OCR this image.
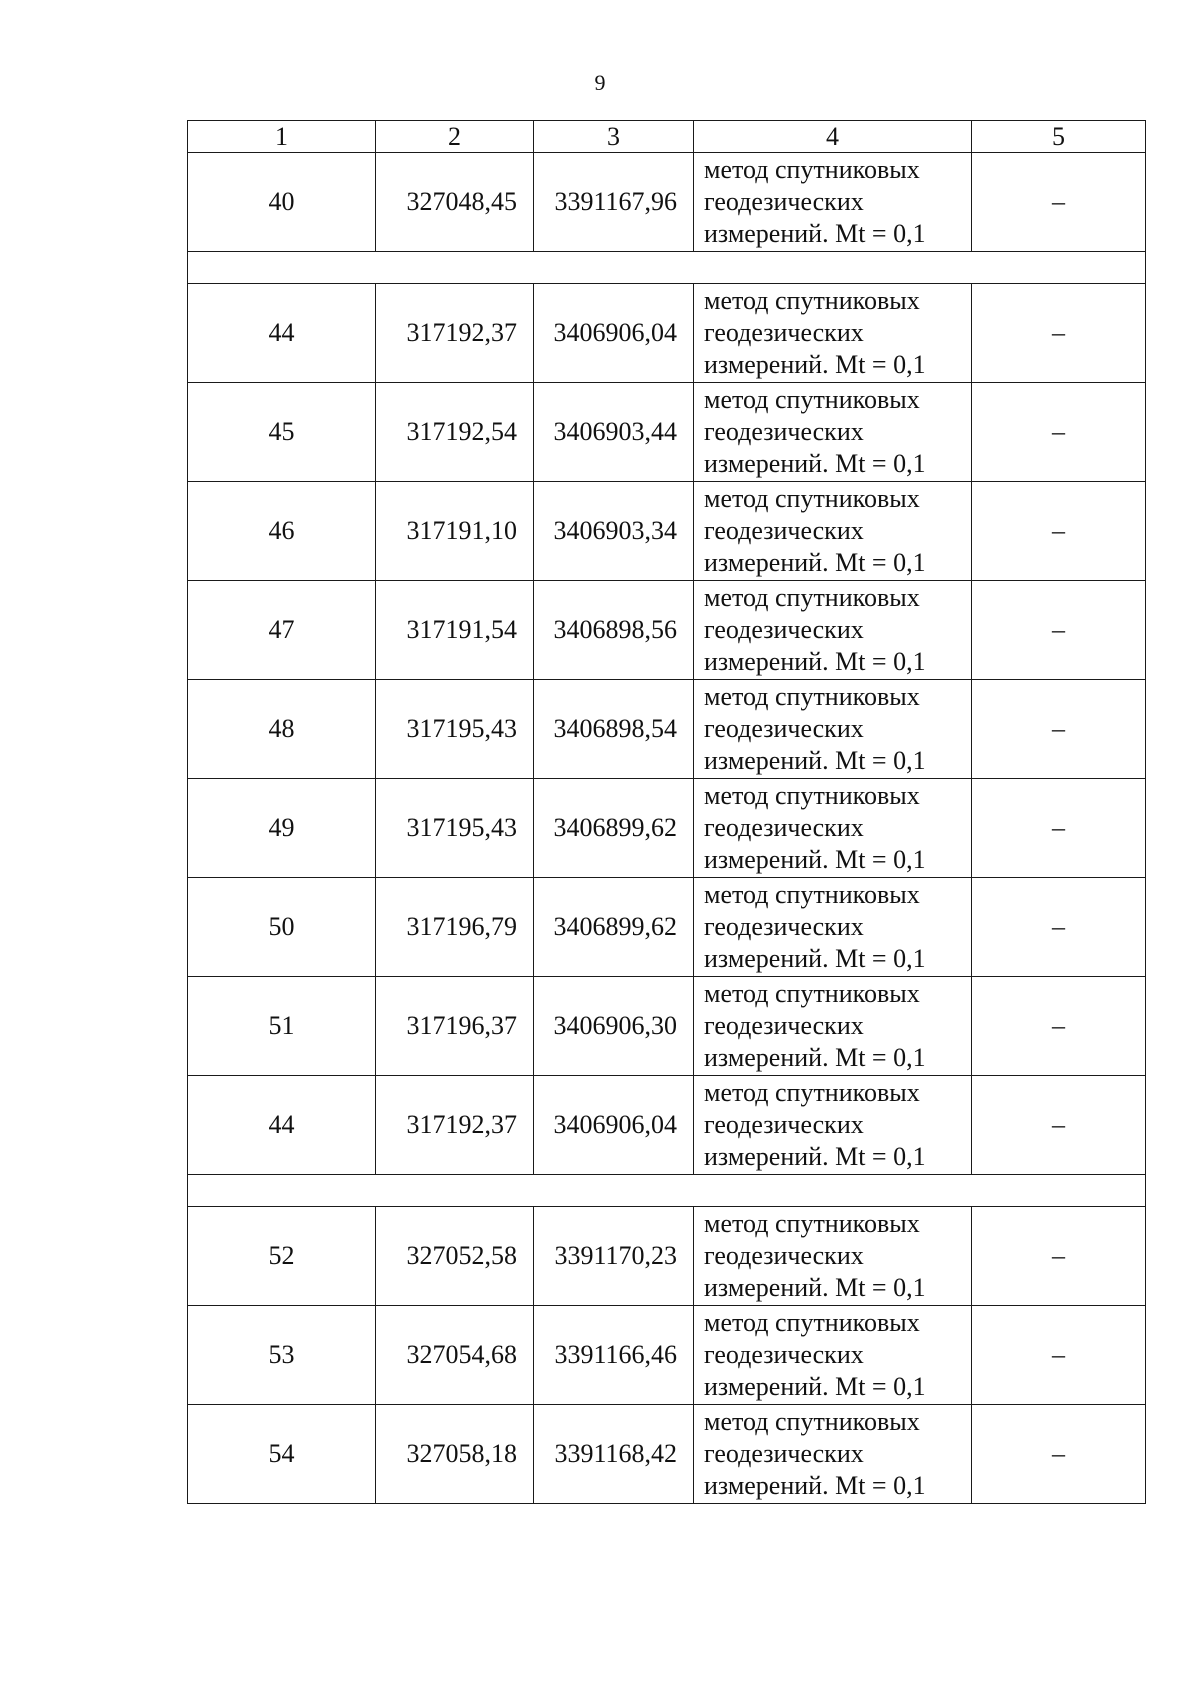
9
1	2	3	4	5
40	327048,45	3391167,96	метод спутниковых
геодезических
измерений. Mt = 0,1	–

44	317192,37	3406906,04	метод спутниковых
геодезических
измерений. Mt = 0,1	–
45	317192,54	3406903,44	метод спутниковых
геодезических
измерений. Mt = 0,1	–
46	317191,10	3406903,34	метод спутниковых
геодезических
измерений. Mt = 0,1	–
47	317191,54	3406898,56	метод спутниковых
геодезических
измерений. Mt = 0,1	–
48	317195,43	3406898,54	метод спутниковых
геодезических
измерений. Mt = 0,1	–
49	317195,43	3406899,62	метод спутниковых
геодезических
измерений. Mt = 0,1	–
50	317196,79	3406899,62	метод спутниковых
геодезических
измерений. Mt = 0,1	–
51	317196,37	3406906,30	метод спутниковых
геодезических
измерений. Mt = 0,1	–
44	317192,37	3406906,04	метод спутниковых
геодезических
измерений. Mt = 0,1	–

52	327052,58	3391170,23	метод спутниковых
геодезических
измерений. Mt = 0,1	–
53	327054,68	3391166,46	метод спутниковых
геодезических
измерений. Mt = 0,1	–
54	327058,18	3391168,42	метод спутниковых
геодезических
измерений. Mt = 0,1	–
